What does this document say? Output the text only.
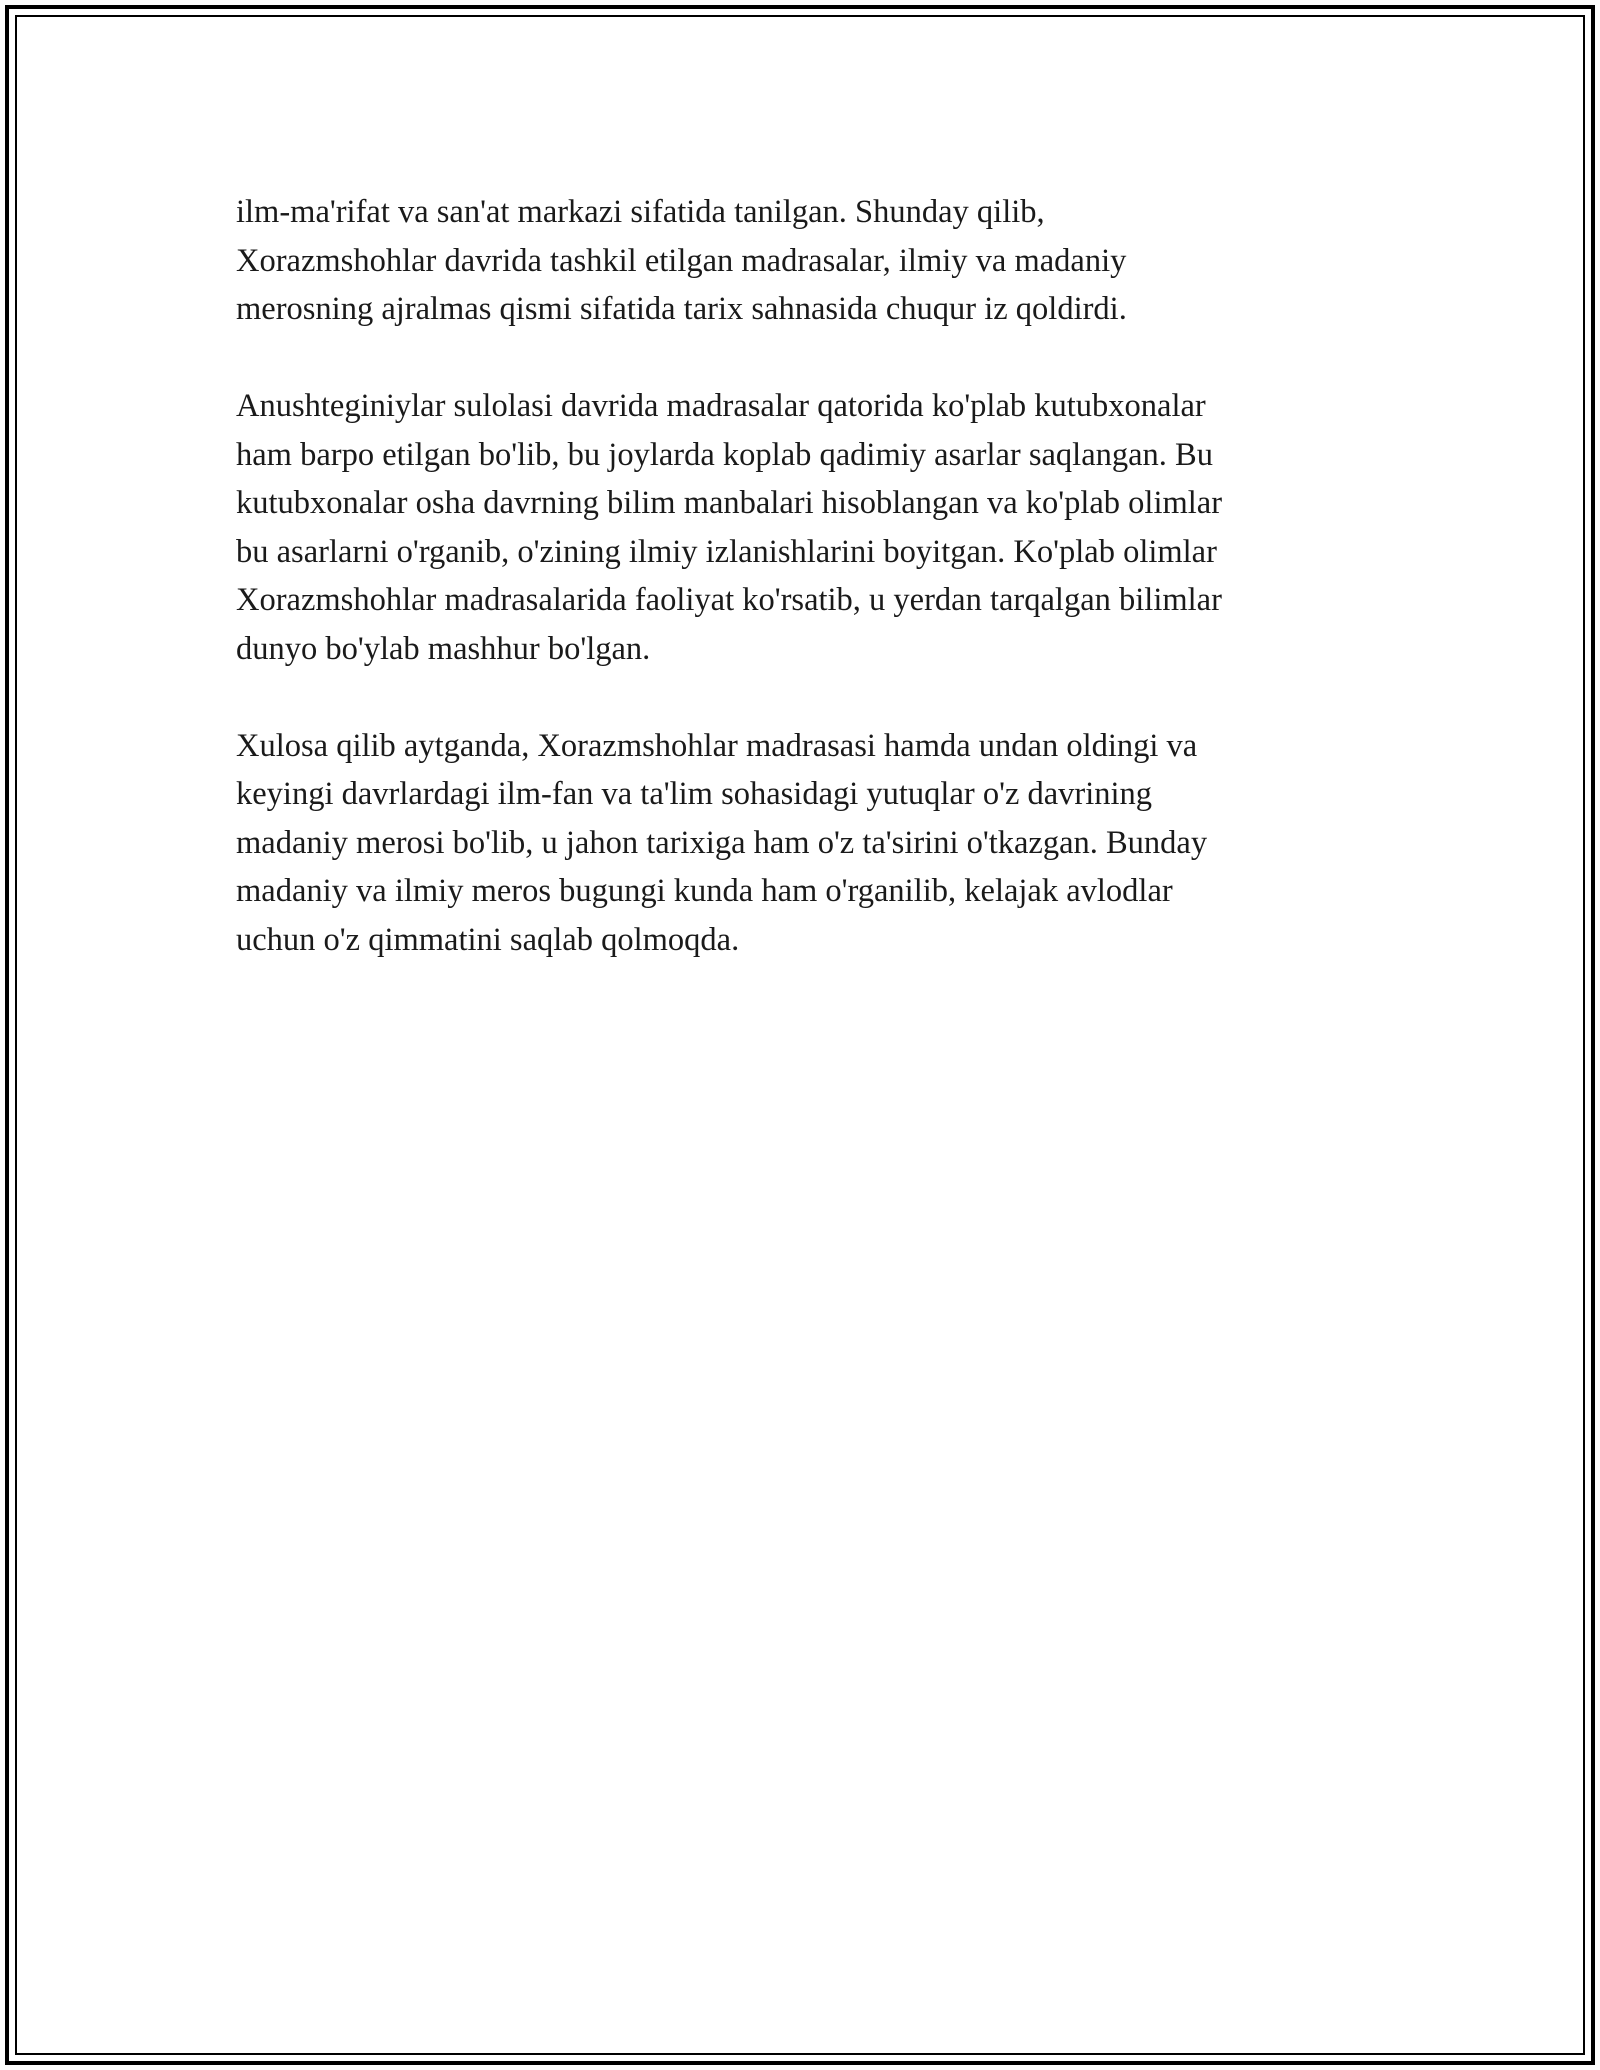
ilm-ma'rifat va san'at markazi sifatida tanilgan. Shunday qilib,
Xorazmshohlar davrida tashkil etilgan madrasalar, ilmiy va madaniy
merosning ajralmas qismi sifatida tarix sahnasida chuqur iz qoldirdi.

Anushteginiylar sulolasi davrida madrasalar qatorida ko'plab kutubxonalar
ham barpo etilgan bo'lib, bu joylarda koplab qadimiy asarlar saqlangan. Bu
kutubxonalar osha davrning bilim manbalari hisoblangan va ko'plab olimlar
bu asarlarni o'rganib, o'zining ilmiy izlanishlarini boyitgan. Ko'plab olimlar
Xorazmshohlar madrasalarida faoliyat ko'rsatib, u yerdan tarqalgan bilimlar
dunyo bo'ylab mashhur bo'lgan.

Xulosa qilib aytganda, Xorazmshohlar madrasasi hamda undan oldingi va
keyingi davrlardagi ilm-fan va ta'lim sohasidagi yutuqlar o'z davrining
madaniy merosi bo'lib, u jahon tarixiga ham o'z ta'sirini o'tkazgan. Bunday
madaniy va ilmiy meros bugungi kunda ham o'rganilib, kelajak avlodlar
uchun o'z qimmatini saqlab qolmoqda.
